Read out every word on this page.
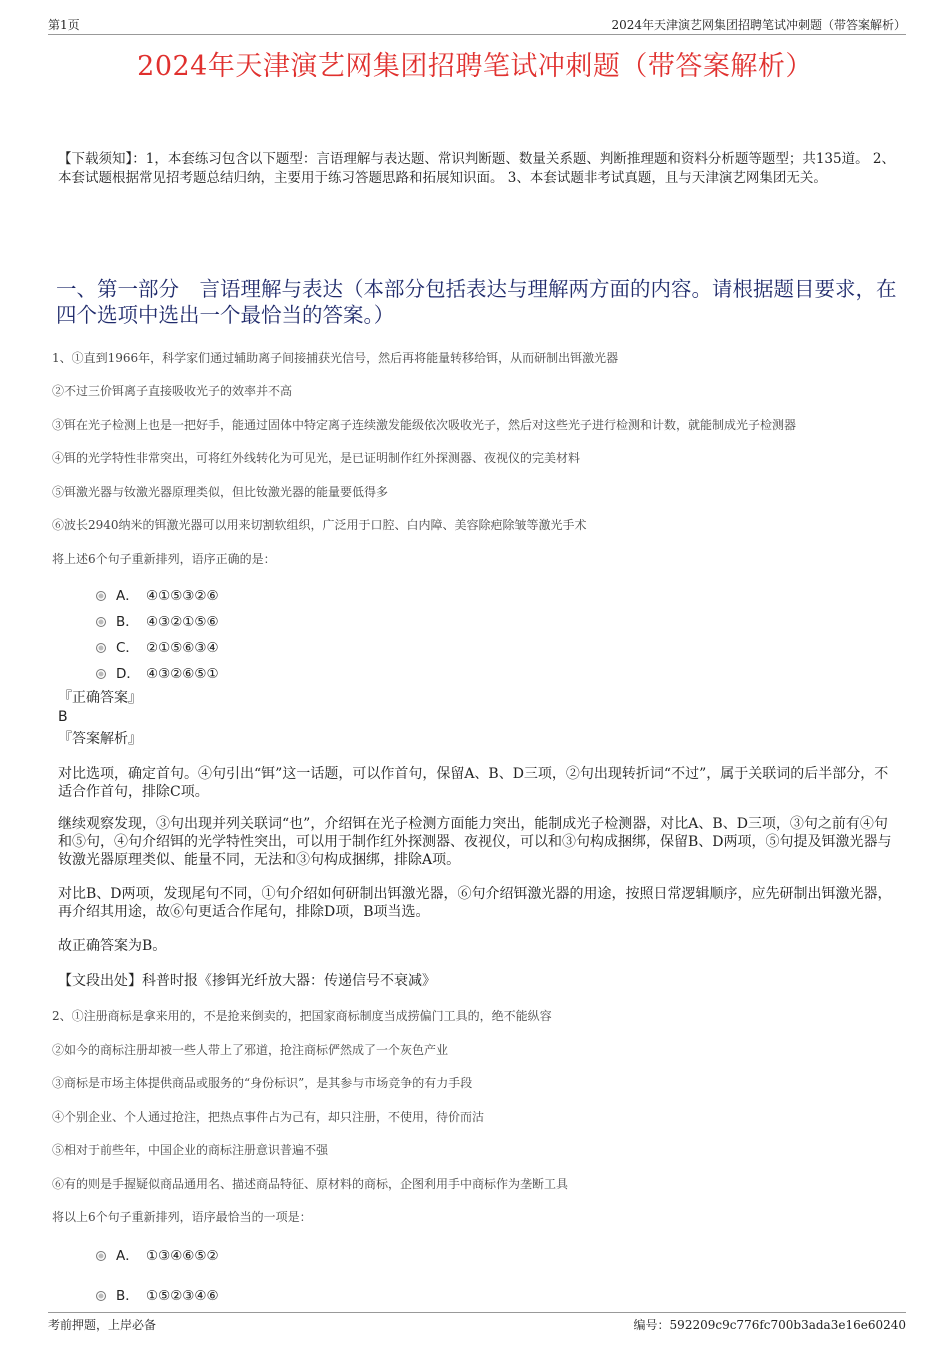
第1页	2024年天津演艺网集团招聘笔试冲刺题（带答案解析）
2024年天津演艺网集团招聘笔试冲刺题（带答案解析）
【下载须知】：1，本套练习包含以下题型：言语理解与表达题、常识判断题、数量关系题、判断推理题和资料分析题等题型；共135道。 2、本套试题根据常见招考题总结归纳，主要用于练习答题思路和拓展知识面。 3、本套试题非考试真题，且与天津演艺网集团无关。
一、第一部分　言语理解与表达（本部分包括表达与理解两方面的内容。请根据题目要求，在四个选项中选出一个最恰当的答案。）
1、①直到1966年，科学家们通过辅助离子间接捕获光信号，然后再将能量转移给铒，从而研制出铒激光器
②不过三价铒离子直接吸收光子的效率并不高
③铒在光子检测上也是一把好手，能通过固体中特定离子连续激发能级依次吸收光子，然后对这些光子进行检测和计数，就能制成光子检测器
④铒的光学特性非常突出，可将红外线转化为可见光，是已证明制作红外探测器、夜视仪的完美材料
⑤铒激光器与钕激光器原理类似，但比钕激光器的能量要低得多
⑥波长2940纳米的铒激光器可以用来切割软组织，广泛用于口腔、白内障、美容除疤除皱等激光手术
将上述6个句子重新排列，语序正确的是：
A． ④①⑤③②⑥
B． ④③②①⑤⑥
C． ②①⑤⑥③④
D． ④③②⑥⑤①
『正确答案』
B
『答案解析』
对比选项，确定首句。④句引出“铒”这一话题，可以作首句，保留A、B、D三项，②句出现转折词“不过”，属于关联词的后半部分，不适合作首句，排除C项。
继续观察发现，③句出现并列关联词“也”，介绍铒在光子检测方面能力突出，能制成光子检测器，对比A、B、D三项，③句之前有④句和⑤句，④句介绍铒的光学特性突出，可以用于制作红外探测器、夜视仪，可以和③句构成捆绑，保留B、D两项，⑤句提及铒激光器与钕激光器原理类似、能量不同，无法和③句构成捆绑，排除A项。
对比B、D两项，发现尾句不同，①句介绍如何研制出铒激光器，⑥句介绍铒激光器的用途，按照日常逻辑顺序，应先研制出铒激光器，再介绍其用途，故⑥句更适合作尾句，排除D项，B项当选。
故正确答案为B。
【文段出处】科普时报《掺铒光纤放大器：传递信号不衰减》
2、①注册商标是拿来用的，不是抢来倒卖的，把国家商标制度当成捞偏门工具的，绝不能纵容
②如今的商标注册却被一些人带上了邪道，抢注商标俨然成了一个灰色产业
③商标是市场主体提供商品或服务的“身份标识”，是其参与市场竞争的有力手段
④个别企业、个人通过抢注，把热点事件占为己有，却只注册，不使用，待价而沽
⑤相对于前些年，中国企业的商标注册意识普遍不强
⑥有的则是手握疑似商品通用名、描述商品特征、原材料的商标，企图利用手中商标作为垄断工具
将以上6个句子重新排列，语序最恰当的一项是：
A． ①③④⑥⑤②
B． ①⑤②③④⑥
考前押题，上岸必备	编号：592209c9c776fc700b3ada3e16e60240
